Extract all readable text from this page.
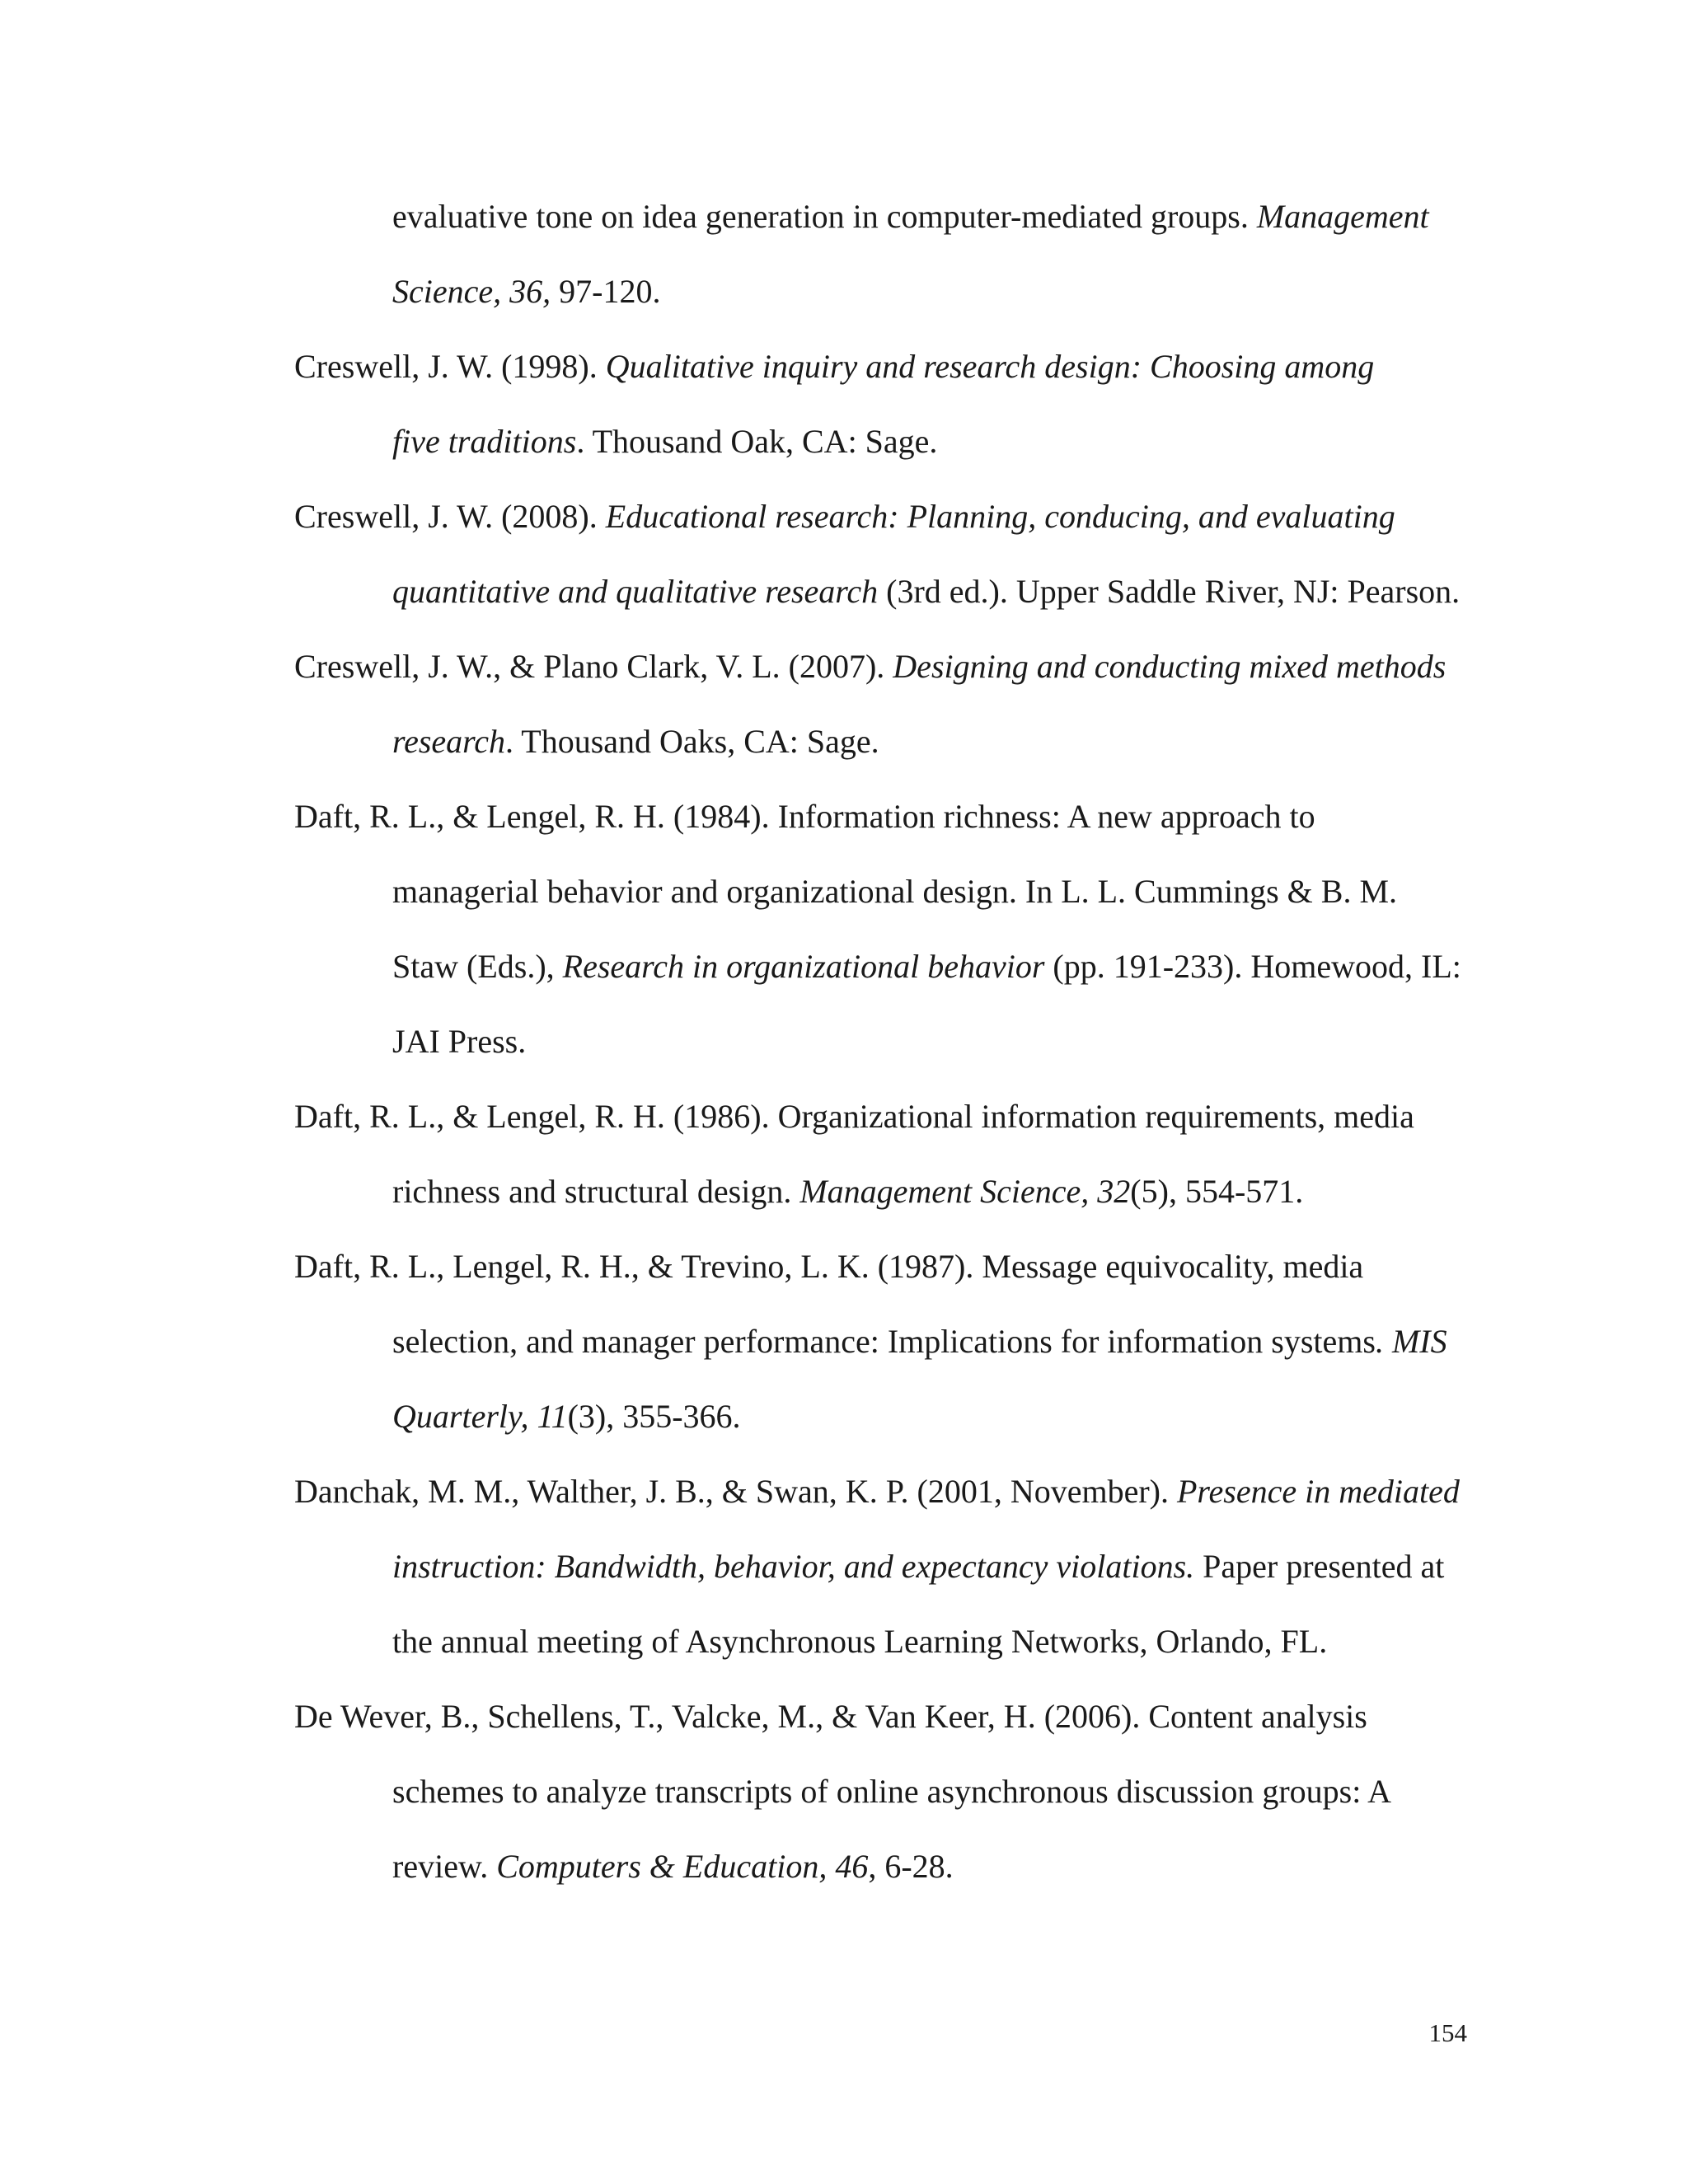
evaluative tone on idea generation in computer-mediated groups. Management
Science, 36, 97-120.
Creswell, J. W. (1998). Qualitative inquiry and research design: Choosing among
five traditions. Thousand Oak, CA: Sage.
Creswell, J. W. (2008). Educational research: Planning, conducing, and evaluating
quantitative and qualitative research (3rd ed.). Upper Saddle River, NJ: Pearson.
Creswell, J. W., & Plano Clark, V. L. (2007). Designing and conducting mixed methods
research. Thousand Oaks, CA: Sage.
Daft, R. L., & Lengel, R. H. (1984). Information richness: A new approach to
managerial behavior and organizational design. In L. L. Cummings & B. M.
Staw (Eds.), Research in organizational behavior (pp. 191-233). Homewood, IL:
JAI Press.
Daft, R. L., & Lengel, R. H. (1986). Organizational information requirements, media
richness and structural design. Management Science, 32(5), 554-571.
Daft, R. L., Lengel, R. H., & Trevino, L. K. (1987). Message equivocality, media
selection, and manager performance: Implications for information systems. MIS
Quarterly, 11(3), 355-366.
Danchak, M. M., Walther, J. B., & Swan, K. P. (2001, November). Presence in mediated
instruction: Bandwidth, behavior, and expectancy violations. Paper presented at
the annual meeting of Asynchronous Learning Networks, Orlando, FL.
De Wever, B., Schellens, T., Valcke, M., & Van Keer, H. (2006). Content analysis
schemes to analyze transcripts of online asynchronous discussion groups: A
review. Computers & Education, 46, 6-28.
154
